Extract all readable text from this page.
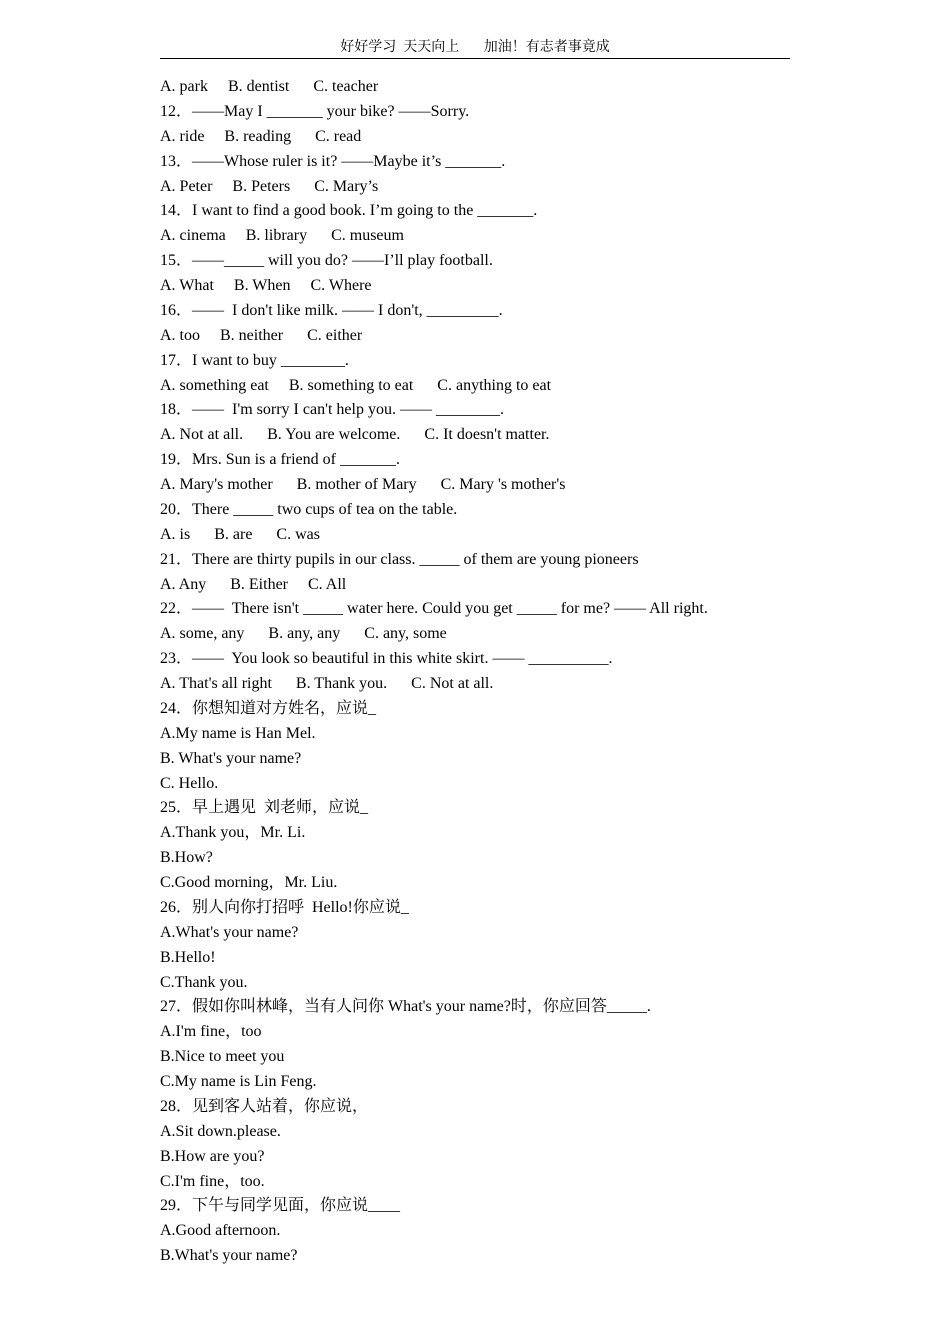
好好学习  天天向上       加油！有志者事竟成
A. park     B. dentist      C. teacher
12．——May I _______ your bike? ——Sorry.
A. ride     B. reading      C. read
13．——Whose ruler is it? ——Maybe it’s _______.
A. Peter     B. Peters      C. Mary’s
14．I want to find a good book. I’m going to the _______.
A. cinema     B. library      C. museum
15．——_____ will you do? ——I’ll play football.
A. What     B. When     C. Where
16．——  I don't like milk. —— I don't, _________.
A. too     B. neither      C. either
17．I want to buy ________.
A. something eat     B. something to eat      C. anything to eat
18．——  I'm sorry I can't help you. —— ________.
A. Not at all.      B. You are welcome.      C. It doesn't matter.
19．Mrs. Sun is a friend of _______.
A. Mary's mother      B. mother of Mary      C. Mary 's mother's
20．There _____ two cups of tea on the table.
A. is      B. are      C. was
21．There are thirty pupils in our class. _____ of them are young pioneers
A. Any      B. Either     C. All
22．——  There isn't _____ water here. Could you get _____ for me? —— All right.
A. some, any      B. any, any      C. any, some
23．——  You look so beautiful in this white skirt. —— __________.
A. That's all right      B. Thank you.      C. Not at all.
24．你想知道对方姓名，应说_
A.My name is Han Mel.
B. What's your name?
C. Hello.
25．早上遇见  刘老师，应说_
A.Thank you，Mr. Li.
B.How?
C.Good morning，Mr. Liu.
26．别人向你打招呼  Hello!你应说_
A.What's your name?
B.Hello!
C.Thank you.
27．假如你叫林峰，当有人问你 What's your name?时，你应回答_____.
A.I'm fine，too
B.Nice to meet you
C.My name is Lin Feng.
28．见到客人站着，你应说，
A.Sit down.please.
B.How are you?
C.I'm fine，too.
29．下午与同学见面，你应说____
A.Good afternoon.
B.What's your name?
